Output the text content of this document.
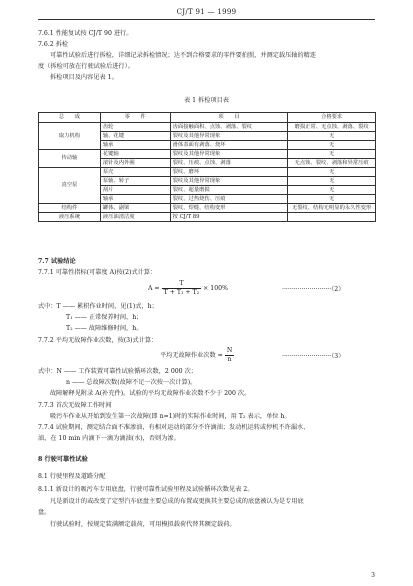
CJ/T 91 — 1999
7.6.1 性能复试按 CJ/T 90 进行。
7.6.2 拆检
可靠性试验后进行拆检，详细记录拆检情况；达不到合格要求的零件要拍照，并测定载压轴的精连
度（拆检可放在行驶试验后进行）。
拆检项目及内容见表 1。
表 1 拆检项目表
总　　成	零　　件	项　　目	合格要求
取力机构	齿轮	齿面接触面积、点蚀、剥落、裂纹	磨损正常、无点蚀、剥落、裂纹
	轴、花键	裂纹及其他异常现象	无
	轴承	滑体表面有剥落、烧坏	无
传动轴	花键轴	裂纹及其他异常现象	无
	滚针及内外圈	裂纹、压痕、点蚀、剥落	无点蚀、裂纹、剥落和异常压痕
真空泵	泵壳	裂纹、磨坏	无
	泵轴、转子	裂纹及其他异常现象	无
	刮片	裂纹、超量磨损	无
	轴承	裂纹、过热烧伤、压痕	无
结构件	罐体、副梁	裂纹、焊缝、结构变形	无裂纹、结构无明显的永久性变形
液压系统	液压油清洁度	按 CJ/T 89	
7.7 试验结论
7.7.1 可靠性指标(可靠度 A)按(2)式计算：
$A = \frac{T}{\text{T + T₁ + T₂}} \times 100\%$	·························（2）
式中：T —— 累积作业时间，见(1)式，h；
T₁ —— 正常保养时间，h；
T₂ —— 故障维修时间，h。
7.7.2 平均无故障作业次数，按(3)式计算：
平均无故障作业次数 = $\frac{N}{n}$	·························（3）
式中：N —— 工作装置可靠性试验循环次数，2 000 次；
n —— 总故障次数(故障不足一次按一次计算)。
故障解释见附录 A(补充件)。试验的平均无故障作业次数不少于 200 次。
7.7.3 首次无故障工作时间
吸污车作业从开始到发生第一次故障(即 n=1)时的实际作业时间，用 T₂ 表示，单位 h。
7.7.4 试验期间，测定结合面不准渗油，有相对运动的部分不许滴油；发动机运转或停机不许漏水、
油，在 10 min 内滴下一滴为滴油(水)，否则为渗。
8 行驶可靠性试验
8.1 行驶里程及道路分配
8.1.1 新设计的吸污车专用底盘，行驶可靠性试验里程及试验循环次数见表 2。
凡是新设计的或改变了定型汽车底盘主要总成的布置或更换其主要总成的底盘被认为是专用底
盘。
行驶试验时，按规定装满额定载荷，可用模拟载荷代替其额定载荷。
3
